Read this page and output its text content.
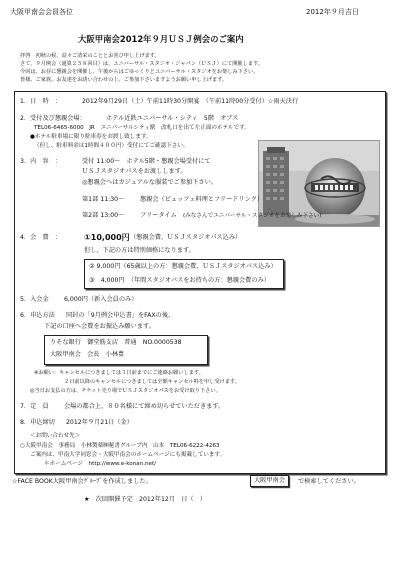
大阪甲南会会員各位	2012年９月吉日
大阪甲南会2012年９月ＵＳＪ例会のご案内
拝啓　初秋の候、益々ご清栄のこととお喜び申し上げます。
さて、９月例会（通算２５８回目）は、ユニバーサル・スタジオ・ジャパン（ＵＳＪ）にて開催します。
今回は、お昼に懇親会を開催し、午後からはごゆっくりとユニバーサル・スタジオをお楽しみ下さい。
皆様、ご家族、お友達をお誘い合わせの上、ご参加下さいますようお願い申し上げます。
1．日　時　：	2012年9月29日（土）午前11時30分開宴　（午前11時00分受付）☆雨天決行
2．受付及び懇親会場：	ホテル近鉄ユニバーサル・シティ　5階　オブス
TEL06-6465-6000　JR　ユニバーサルシティ駅　改札口を出て左正面のホテルです。
●ホテル駐車場に限り駐車券をお渡し致します。
（但し、駐車料金は1時間４００円）受付にてご確認下さい。
3．内　容　：	受付 11:00～　ホテル5階・懇親会場受付にて
ＵＳＪスタジオパスをお渡しします。
◎懇親会へはカジュアルな服装でご参加下さい。
第1部 11:30～	懇親会（ビュッフェ料理とフリードリンク）
第2部 13:00～	フリータイム (みなさんでユニバーサル・スタジオをお楽しみ下さい)
4．会　費　：	①10,000円 （懇親会費、ＵＳＪスタジオパス込み）
但し、下記の方は特別価格になります。
② 9,000円（65歳以上の方：懇親会費、ＵＳＪスタジオパス込み）
③　4,000円　（年間スタジオパスをお持ちの方：懇親会費のみ）
5．入会金 6,000円（新入会員のみ）
6．申込方法 同封の「9月例会申込書」をFAXの後、
下記の口座へ会費をお振込み願います。
りそな銀行　御堂筋支店　普通　NO.0000538
大阪甲南会　会長　小林豊
※お願い：キャンセルにつきましては３日前までにご連絡お願いします。
２日前以降のキャンセルにつきましては全額キャンセル料を申し受けます。
◎当日お支払の方は、チケット売り場でＵＳＪスタジオパスをお受け取り下さい。
7．定　員 会場の都合上、８０名様にて締め切らせていただきます。
8．申込締切 2012年９月21日（金）
＜お問い合わせ先＞
○大阪甲南会　事務局　小林製薬㈱秘書グループ内　山本　TEL06-6222-4263
ご案内は、甲南大学同窓会・大阪甲南会のホームページにも掲載しています。
＊ホームページ　http://www.e-konan.net/
☆FACE BOOK大阪甲南会ｸﾞﾙｰﾌﾟを作成しました。	大阪甲南会	で検索してください。
★　次回開催予定　2012年12月　日（　）
